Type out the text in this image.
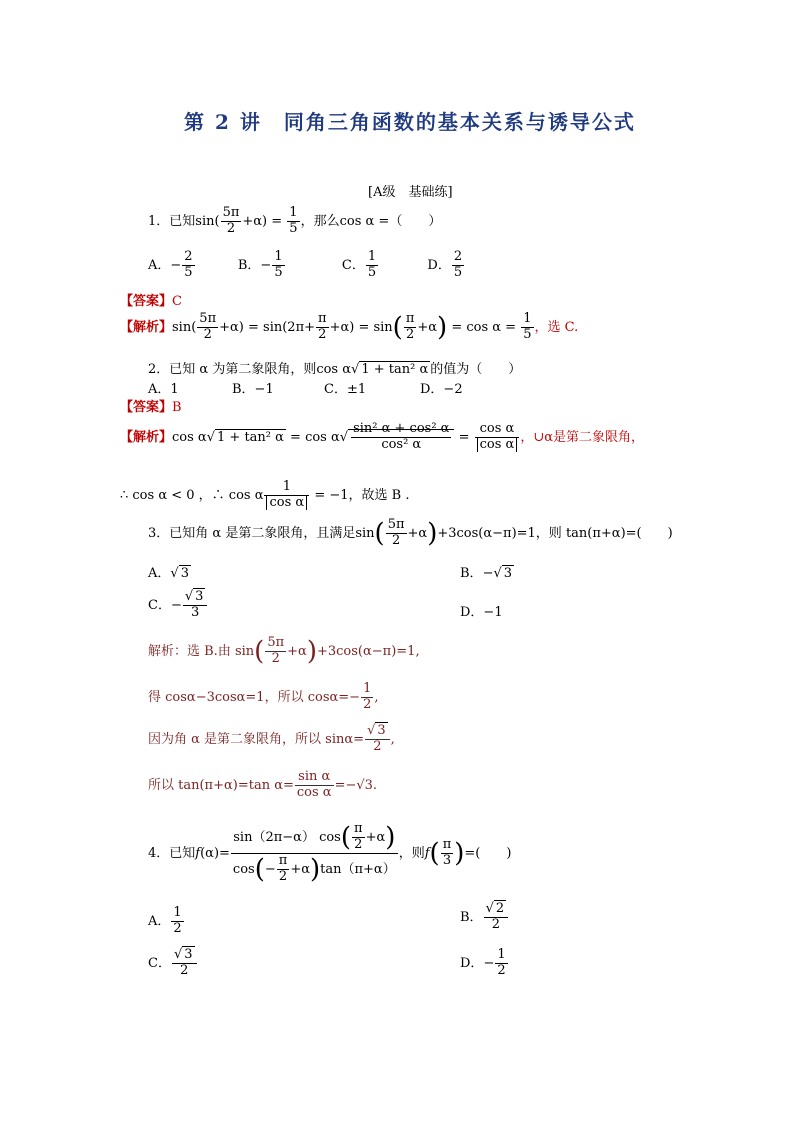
第 2 讲　同角三角函数的基本关系与诱导公式
[A级　基础练]
1．已知$\sin( \frac{5\pi}{2} +\alpha) = \frac{1}{5}$ ，那么cos α =（　　）
A．− $\frac{2}{5}$	B．− $\frac{1}{5}$	C． $\frac{1}{5}$	D． $\frac{2}{5}$
【答案】C
【解析】$\sin( \frac{5\pi}{2} +\alpha) = \sin(2\pi+ \frac{\pi}{2} +\alpha) = \sin( \frac{\pi}{2} +\alpha) = \cos \alpha = \frac{1}{5}$ ，选 C.
2．已知 α 为第二象限角，则cos α√ 1 + tan² α 的值为（　　）
A．1	B．−1	C．±1	D．−2
【答案】B
【解析】cos α√ 1 + tan² $\alpha = \cos \alpha√ \frac{\text{sin² α + cos² α}}{\text{cos² α}} = \frac{\text{cos α}}{\text{cos α}}$ ，∪α是第二象限角，
∴ cos α < 0 ，∴ cos α $\frac{1}{\text{cos α}} = -1$，故选 B .
3．已知角 α 是第二象限角，且满足$\sin( \frac{5\pi}{2} +\alpha)+3\cos(\alpha-\pi)=1$，则 tan(π+α)=(　　)
A．√ 3	B．−√ 3
C．− $\frac{√ 3}{3}$	D．−1
解析：选 B.由 $\sin( \frac{5\pi}{2} +\alpha)+3\cos(\alpha-\pi)=1$,
得 cosα−3cosα=1，所以 $\cos\alpha=- \frac{1}{2}$ ,
因为角 α 是第二象限角，所以 $\sin\alpha= \frac{√ 3}{2}$ ,
所以 tan(π+α)=tan $\alpha= \frac{\text{sin α}}{\text{cos α}} =-√3$.
4．已知$f(\alpha)= \frac{\sin(2\pi-\alpha) \cos( \frac{\pi}{2} +\alpha)}{\cos(- \frac{\pi}{2} +\alpha)\tan(\pi+\alpha)}$ ，则$f( \frac{\pi}{3}$ )=(　　)
A． $\frac{1}{2}$	B． $\frac{√ 2}{2}$
C． $\frac{√ 3}{2}$	D．− $\frac{1}{2}$
